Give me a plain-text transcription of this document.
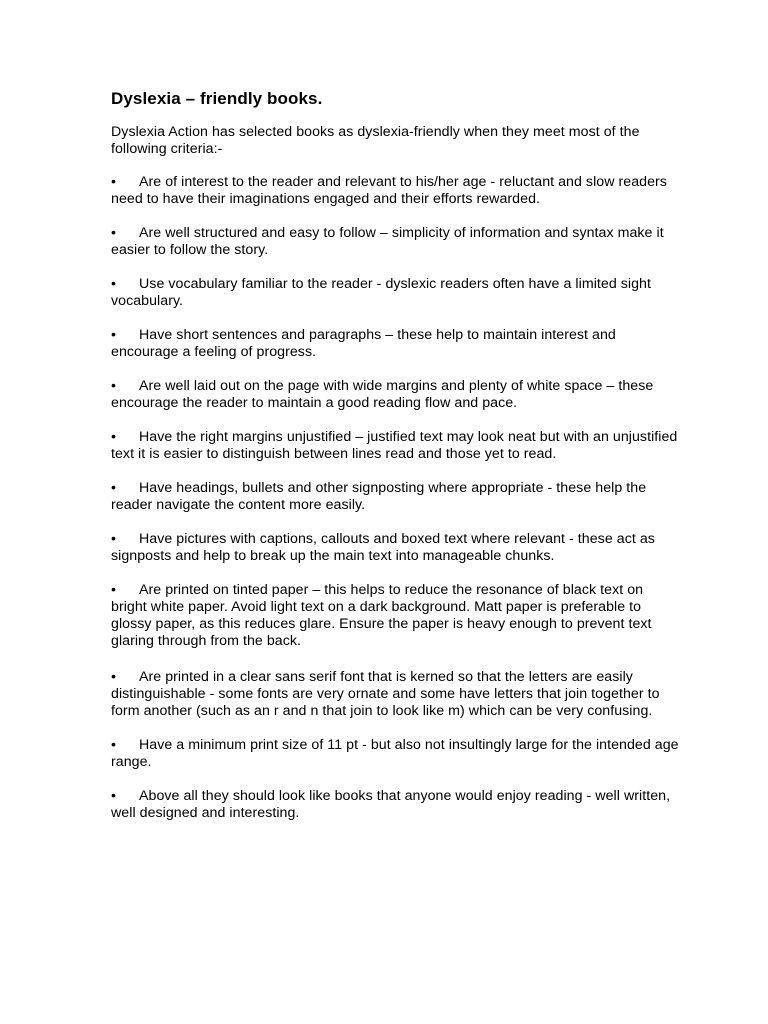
Dyslexia – friendly books.

Dyslexia Action has selected books as dyslexia-friendly when they meet most of the following criteria:-

• Are of interest to the reader and relevant to his/her age - reluctant and slow readers need to have their imaginations engaged and their efforts rewarded.
• Are well structured and easy to follow – simplicity of information and syntax make it easier to follow the story.
• Use vocabulary familiar to the reader - dyslexic readers often have a limited sight vocabulary.
• Have short sentences and paragraphs – these help to maintain interest and encourage a feeling of progress.
• Are well laid out on the page with wide margins and plenty of white space – these encourage the reader to maintain a good reading flow and pace.
• Have the right margins unjustified – justified text may look neat but with an unjustified text it is easier to distinguish between lines read and those yet to read.
• Have headings, bullets and other signposting where appropriate - these help the reader navigate the content more easily.
• Have pictures with captions, callouts and boxed text where relevant - these act as signposts and help to break up the main text into manageable chunks.
• Are printed on tinted paper – this helps to reduce the resonance of black text on bright white paper. Avoid light text on a dark background. Matt paper is preferable to glossy paper, as this reduces glare. Ensure the paper is heavy enough to prevent text glaring through from the back.
• Are printed in a clear sans serif font that is kerned so that the letters are easily distinguishable - some fonts are very ornate and some have letters that join together to form another (such as an r and n that join to look like m) which can be very confusing.
• Have a minimum print size of 11 pt - but also not insultingly large for the intended age range.
• Above all they should look like books that anyone would enjoy reading - well written, well designed and interesting.
